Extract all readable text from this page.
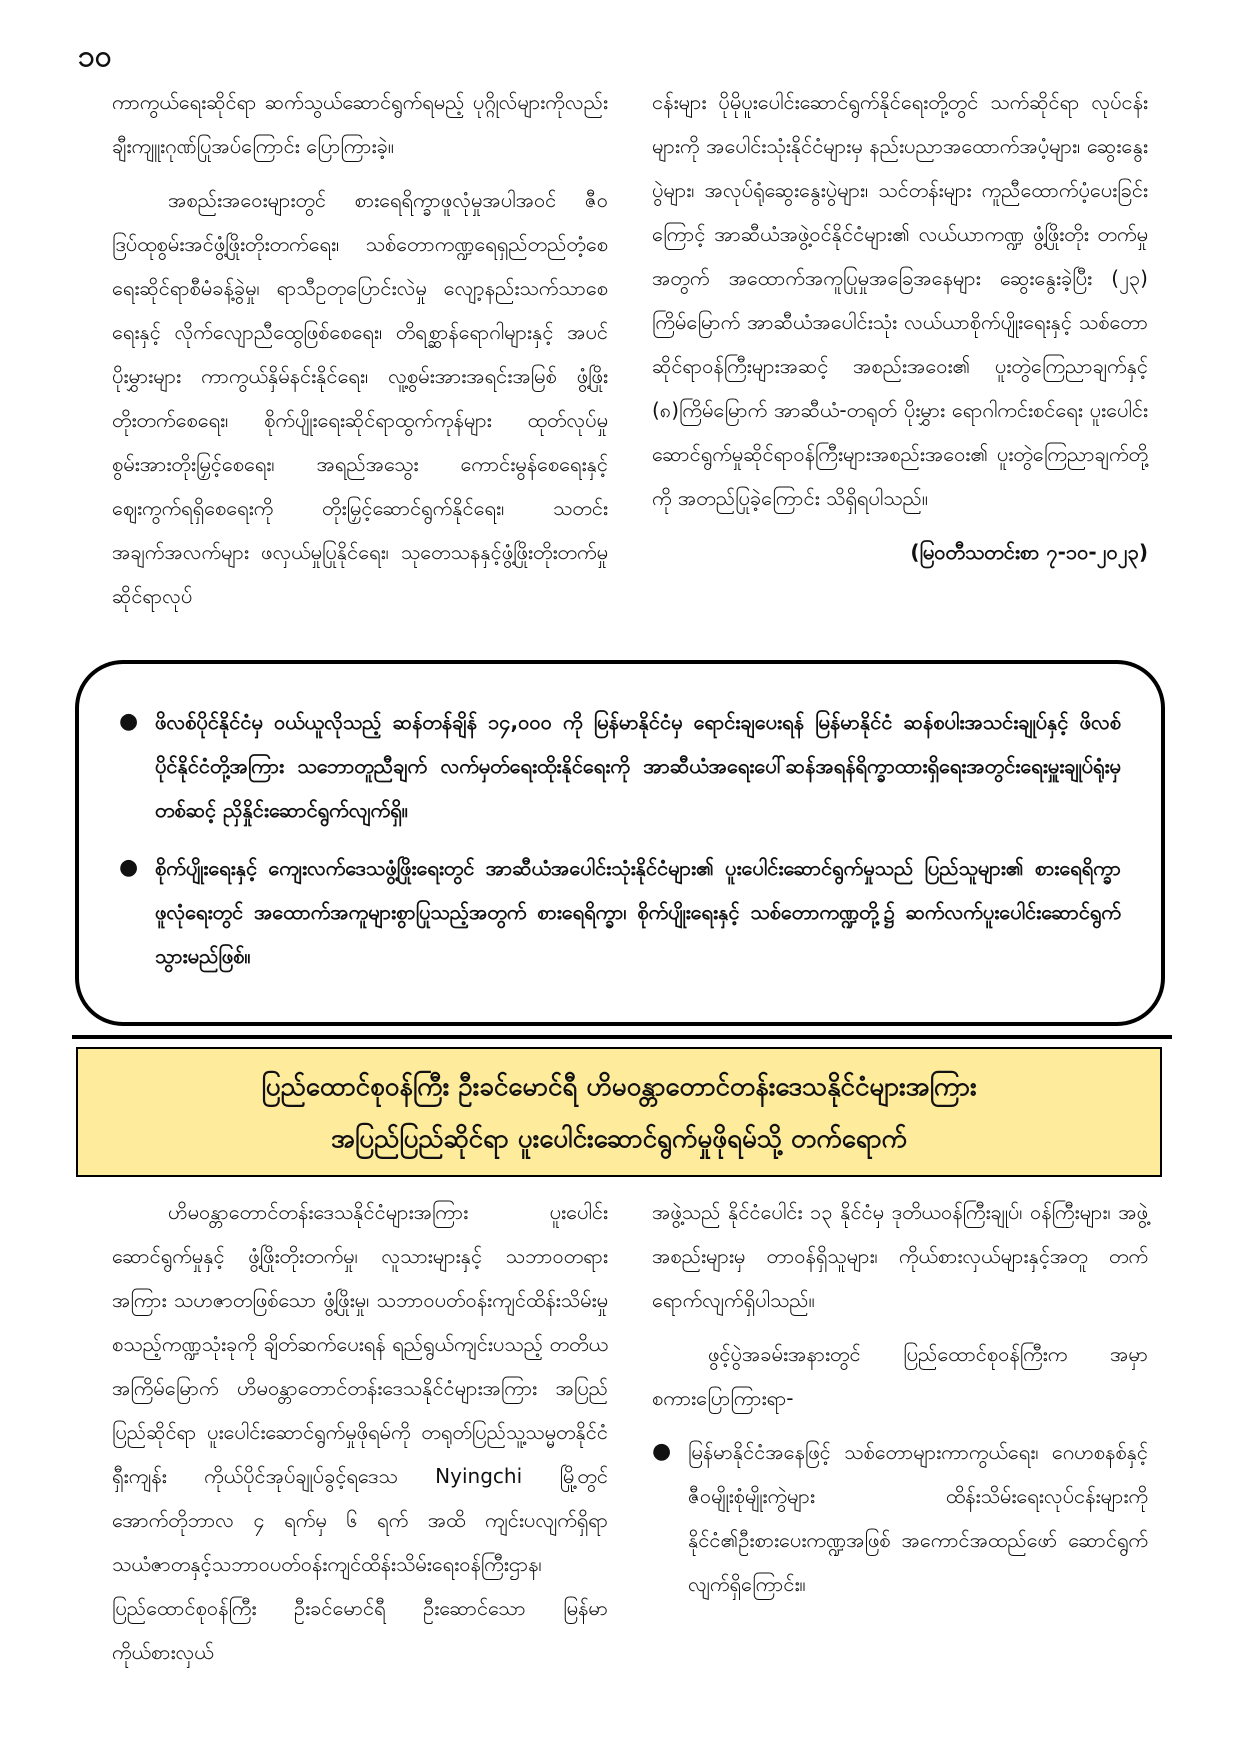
၁၀

ကာကွယ်ရေးဆိုင်ရာ ဆက်သွယ်ဆောင်ရွက်ရမည့် ပုဂ္ဂိုလ်များကိုလည်း ချီးကျူးဂုဏ်ပြုအပ်ကြောင်း ပြောကြားခဲ့။

အစည်းအဝေးများတွင် စားရေရိက္ခာဖူလုံမှုအပါအဝင် ဇီဝဒြပ်ထုစွမ်းအင်ဖွံ့ဖြိုးတိုးတက်ရေး၊ သစ်တောကဏ္ဍရေရှည်တည်တံ့စေရေးဆိုင်ရာစီမံခန့်ခွဲမှု၊ ရာသီဥတုပြောင်းလဲမှု လျော့နည်းသက်သာစေရေးနှင့် လိုက်လျောညီထွေဖြစ်စေရေး၊ တိရစ္ဆာန်ရောဂါများနှင့် အပင်ပိုးမွှားများ ကာကွယ်နှိမ်နင်းနိုင်ရေး၊ လူ့စွမ်းအားအရင်းအမြစ် ဖွံ့ဖြိုးတိုးတက်စေရေး၊ စိုက်ပျိုးရေးဆိုင်ရာထွက်ကုန်များ ထုတ်လုပ်မှုစွမ်းအားတိုးမြှင့်စေရေး၊ အရည်အသွေး ကောင်းမွန်စေရေးနှင့် ဈေးကွက်ရရှိစေရေးကို တိုးမြှင့်ဆောင်ရွက်နိုင်ရေး၊ သတင်းအချက်အလက်များ ဖလှယ်မှုပြုနိုင်ရေး၊ သုတေသနနှင့်ဖွံ့ဖြိုးတိုးတက်မှုဆိုင်ရာလုပ်

ငန်းများ ပိုမိုပူးပေါင်းဆောင်ရွက်နိုင်ရေးတို့တွင် သက်ဆိုင်ရာ လုပ်ငန်းများကို အပေါင်းသုံးနိုင်ငံများမှ နည်းပညာအထောက်အပံ့များ၊ ဆွေးနွေးပွဲများ၊ အလုပ်ရုံဆွေးနွေးပွဲများ၊ သင်တန်းများ ကူညီထောက်ပံ့ပေးခြင်းကြောင့် အာဆီယံအဖွဲ့ဝင်နိုင်ငံများ၏ လယ်ယာကဏ္ဍ ဖွံ့ဖြိုးတိုး တက်မှုအတွက် အထောက်အကူပြုမှုအခြေအနေများ ဆွေးနွေးခဲ့ပြီး (၂၃) ကြိမ်မြောက် အာဆီယံအပေါင်းသုံး လယ်ယာစိုက်ပျိုးရေးနှင့် သစ်တောဆိုင်ရာဝန်ကြီးများအဆင့် အစည်းအဝေး၏ ပူးတွဲကြေညာချက်နှင့် (၈)ကြိမ်မြောက် အာဆီယံ-တရုတ် ပိုးမွှား ရောဂါကင်းစင်ရေး ပူးပေါင်းဆောင်ရွက်မှုဆိုင်ရာဝန်ကြီးများအစည်းအဝေး၏ ပူးတွဲကြေညာချက်တို့ကို အတည်ပြုခဲ့ကြောင်း သိရှိရပါသည်။

(မြဝတီသတင်းစာ ၇-၁၀-၂၀၂၃)
● ဖိလစ်ပိုင်နိုင်ငံမှ ဝယ်ယူလိုသည့် ဆန်တန်ချိန် ၁၄,၀၀၀ ကို မြန်မာနိုင်ငံမှ ရောင်းချပေးရန် မြန်မာနိုင်ငံ ဆန်စပါးအသင်းချုပ်နှင့် ဖိလစ်ပိုင်နိုင်ငံတို့အကြား သဘောတူညီချက် လက်မှတ်ရေးထိုးနိုင်ရေးကို အာဆီယံအရေးပေါ်ဆန်အရန်ရိက္ခာထားရှိရေးအတွင်းရေးမှူးချုပ်ရုံးမှတစ်ဆင့် ညှိနှိုင်းဆောင်ရွက်လျက်ရှိ။
● စိုက်ပျိုးရေးနှင့် ကျေးလက်ဒေသဖွံ့ဖြိုးရေးတွင် အာဆီယံအပေါင်းသုံးနိုင်ငံများ၏ ပူးပေါင်းဆောင်ရွက်မှုသည် ပြည်သူများ၏ စားရေရိက္ခာဖူလုံရေးတွင် အထောက်အကူများစွာပြုသည့်အတွက် စားရေရိက္ခာ၊ စိုက်ပျိုးရေးနှင့် သစ်တောကဏ္ဍတို့၌ ဆက်လက်ပူးပေါင်းဆောင်ရွက်သွားမည်ဖြစ်။
ပြည်ထောင်စုဝန်ကြီး ဦးခင်မောင်ရီ ဟိမဝန္တာတောင်တန်းဒေသနိုင်ငံများအကြား
အပြည်ပြည်ဆိုင်ရာ ပူးပေါင်းဆောင်ရွက်မှုဖိုရမ်သို့ တက်ရောက်

ဟိမဝန္တာတောင်တန်းဒေသနိုင်ငံများအကြား ပူးပေါင်းဆောင်ရွက်မှုနှင့် ဖွံ့ဖြိုးတိုးတက်မှု၊ လူသားများနှင့် သဘာဝတရားအကြား သဟဇာတဖြစ်သော ဖွံ့ဖြိုးမှု၊ သဘာဝပတ်ဝန်းကျင်ထိန်းသိမ်းမှု စသည့်ကဏ္ဍသုံးခုကို ချိတ်ဆက်ပေးရန် ရည်ရွယ်ကျင်းပသည့် တတိယအကြိမ်မြောက် ဟိမဝန္တာတောင်တန်းဒေသနိုင်ငံများအကြား အပြည်ပြည်ဆိုင်ရာ ပူးပေါင်းဆောင်ရွက်မှုဖိုရမ်ကို တရုတ်ပြည်သူ့သမ္မတနိုင်ငံ ရှီးကျန်း ကိုယ်ပိုင်အုပ်ချုပ်ခွင့်ရဒေသ Nyingchi မြို့တွင် အောက်တိုဘာလ ၄ ရက်မှ ၆ ရက် အထိ ကျင်းပလျက်ရှိရာ သယံဇာတနှင့်သဘာဝပတ်ဝန်းကျင်ထိန်းသိမ်းရေးဝန်ကြီးဌာန၊ ပြည်ထောင်စုဝန်ကြီး ဦးခင်မောင်ရီ ဦးဆောင်သော မြန်မာကိုယ်စားလှယ်

အဖွဲ့သည် နိုင်ငံပေါင်း ၁၃ နိုင်ငံမှ ဒုတိယဝန်ကြီးချုပ်၊ ဝန်ကြီးများ၊ အဖွဲ့အစည်းများမှ တာဝန်ရှိသူများ၊ ကိုယ်စားလှယ်များနှင့်အတူ တက်ရောက်လျက်ရှိပါသည်။

ဖွင့်ပွဲအခမ်းအနားတွင် ပြည်ထောင်စုဝန်ကြီးက အမှာ စကားပြောကြားရာ-

● မြန်မာနိုင်ငံအနေဖြင့် သစ်တောများကာကွယ်ရေး၊ ဂေဟစနစ်နှင့် ဇီဝမျိုးစုံမျိုးကွဲများ ထိန်းသိမ်းရေးလုပ်ငန်းများကို နိုင်ငံ၏ဦးစားပေးကဏ္ဍအဖြစ် အကောင်အထည်ဖော် ဆောင်ရွက်လျက်ရှိကြောင်း။
